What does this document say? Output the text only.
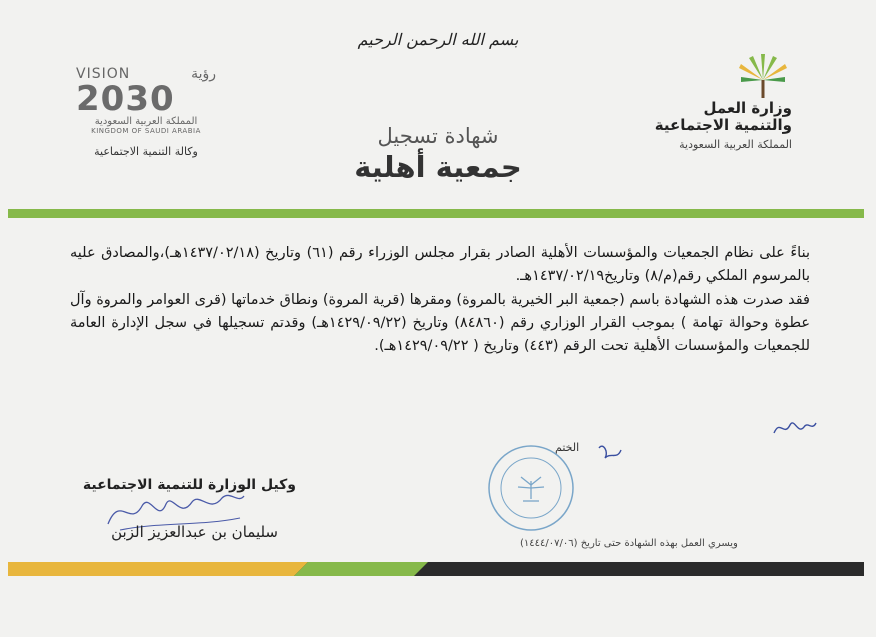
بسم الله الرحمن الرحيم
وزارة العمل
والتنمية الاجتماعية
المملكة العربية السعودية
VISION	رؤية
2030
المملكة العربية السعودية
KINGDOM OF SAUDI ARABIA
وكالة التنمية الاجتماعية
شهادة تسجيل
جمعية أهلية

بناءً على نظام الجمعيات والمؤسسات الأهلية الصادر بقرار مجلس الوزراء رقم (٦١) وتاريخ (١٤٣٧/٠٢/١٨هـ)،والمصادق عليه بالمرسوم الملكي رقم(م/٨) وتاريخ١٤٣٧/٠٢/١٩هـ.

فقد صدرت هذه الشهادة باسم (جمعية البر الخيرية بالمروة) ومقرها (قرية المروة) ونطاق خدماتها (قرى العوامر والمروة وآل عطوة وحوالة تهامة ) بموجب القرار الوزاري رقم (٨٤٨٦٠) وتاريخ (١٤٢٩/٠٩/٢٢هـ) وقدتم تسجيلها في سجل الإدارة العامة للجمعيات والمؤسسات الأهلية تحت الرقم (٤٤٣) وتاريخ ( ١٤٢٩/٠٩/٢٢هـ).

الختم
وكيل الوزارة للتنمية الاجتماعية
سليمان بن عبدالعزيز الزبن
ويسري العمل بهذه الشهادة حتى تاريخ (١٤٤٤/٠٧/٠٦)
